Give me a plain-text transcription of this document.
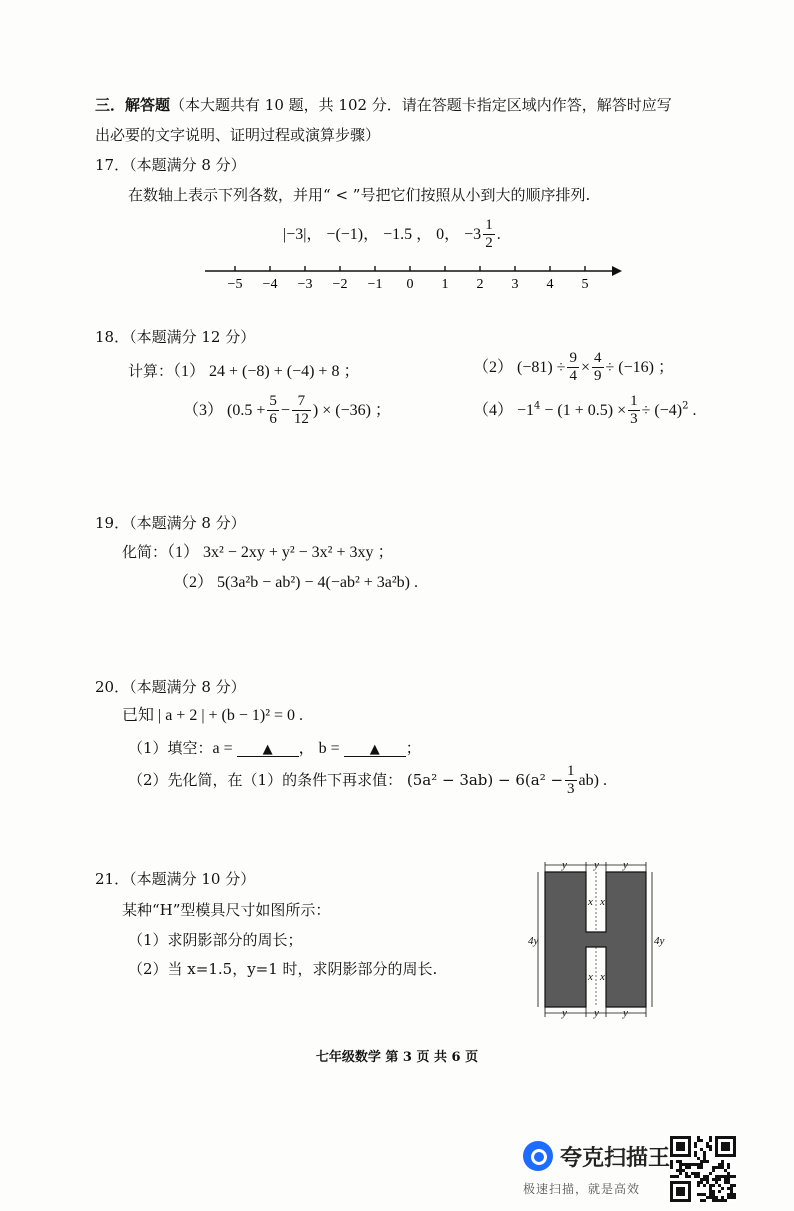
三．解答题（本大题共有 10 题，共 102 分．请在答题卡指定区域内作答，解答时应写
出必要的文字说明、证明过程或演算步骤）
17．（本题满分 8 分）
在数轴上表示下列各数，并用“ < ”号把它们按照从小到大的顺序排列.
|−3|， −(−1)， −1.5 ， 0， $-3 \frac{1}{2}$ .
−5 −4 −3 −2 −1 0 1 2 3 4 5
18．（本题满分 12 分）
计算：（1） 24 + (−8) + (−4) + 8 ；	（2） $(-81) \div \frac{9}{4} \times \frac{4}{9} \div (-16)$ ；
（3） ($0.5 + \frac{5}{6} - \frac{7}{12}$ ) × (−36) ；	$(4) -1^4 - (1 + 0.5) \times \frac{1}{3} \div (-4)^2$ .
19．（本题满分 8 分）
化简：（1） 3x² − 2xy + y² − 3x² + 3xy ；
（2） 5(3a²b − ab²) − 4(−ab² + 3a²b) .
20．（本题满分 8 分）
已知 | a + 2 | + (b − 1)² = 0 .
（1）填空：a = ▲ ， b = ▲ ；
（2）先化简，在（1）的条件下再求值： $(5a^2 - 3ab) - 6(a^2 - \frac{1}{3} ab)$ .
21．（本题满分 10 分）
某种“H”型模具尺寸如图所示：
（1）求阴影部分的周长；
（2）当 x=1.5，y=1 时，求阴影部分的周长.
y y y
y y y
x x
x x
4y	4y
七年级数学 第 3 页 共 6 页
夸克扫描王
极速扫描，就是高效
